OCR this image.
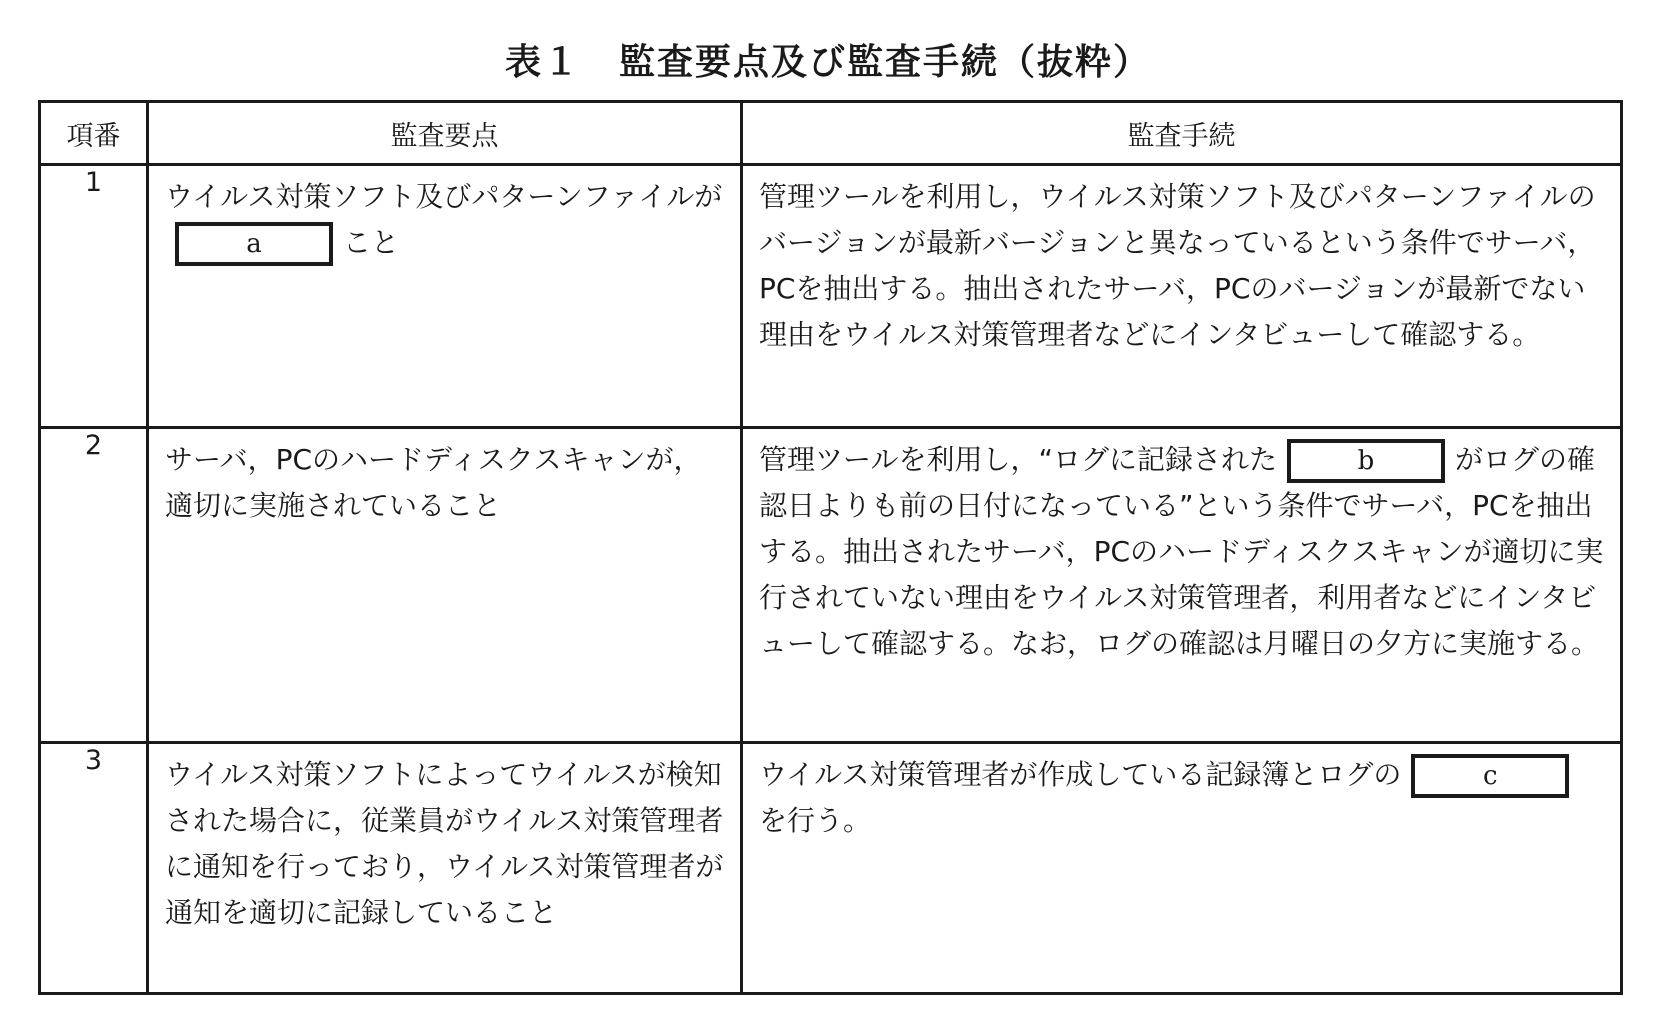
表１　監査要点及び監査手続（抜粋）
項番	監査要点	監査手続
1	ウイルス対策ソフト及びパターンファイルがa こと	管理ツールを利用し，ウイルス対策ソフト及びパターンファイルのバージョンが最新バージョンと異なっているという条件でサーバ，PCを抽出する。抽出されたサーバ，PCのバージョンが最新でない理由をウイルス対策管理者などにインタビューして確認する。
2	サーバ，PCのハードディスクスキャンが，適切に実施されていること	管理ツールを利用し，“ログに記録された b がログの確認日よりも前の日付になっている”という条件でサーバ，PCを抽出する。抽出されたサーバ，PCのハードディスクスキャンが適切に実行されていない理由をウイルス対策管理者，利用者などにインタビューして確認する。なお，ログの確認は月曜日の夕方に実施する。
3	ウイルス対策ソフトによってウイルスが検知された場合に，従業員がウイルス対策管理者に通知を行っており，ウイルス対策管理者が通知を適切に記録していること	ウイルス対策管理者が作成している記録簿とログの cを行う。
